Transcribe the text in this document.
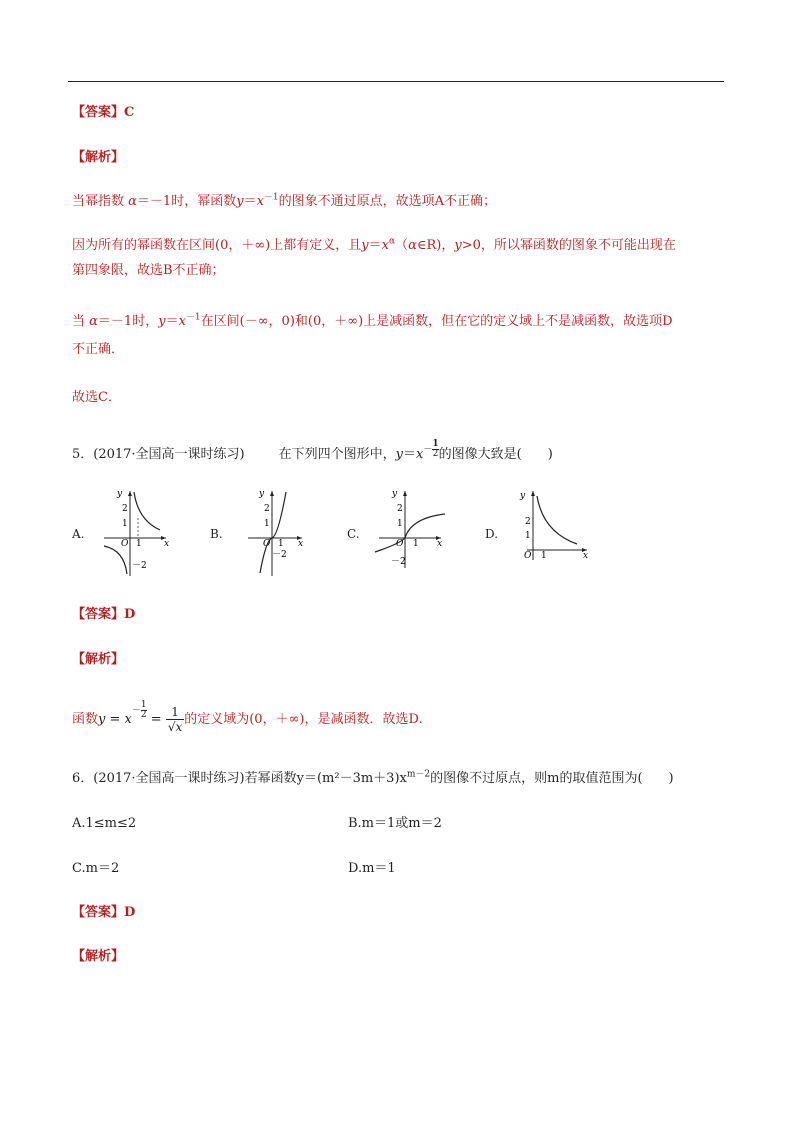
【答案】C
【解析】
当幂指数 α＝－1时，幂函数$y=x^{-1}$的图象不通过原点，故选项A不正确；
因为所有的幂函数在区间(0，＋∞)上都有定义，且$y=x^\alpha(\alpha\in R)$，y>0，所以幂函数的图象不可能出现在
第四象限，故选B不正确；
当 α＝－1时，$y=x^{-1}$在区间(－∞，0)和(0，＋∞)上是减函数，但在它的定义域上不是减函数，故选项D
不正确．
故选C．
5．(2017·全国高一课时练习)	在下列四个图形中，$y=x- \frac{1}{2}$ 的图像大致是(　　)
A.
y
2
1
O 1 x
－2
B.
y
2
1
O 1 x
－2
C.
y
2
1
O 1 x
－2
D.
y
2
1
O 1	x
【答案】D
【解析】
函数$y = x- \frac{1}{2} = \frac{1}{√x}$ 的定义域为(0，＋∞)，是减函数．故选D.
6．(2017·全国高一课时练习)若幂函数$y=(m^2-3m+3)x^{m-2}$的图像不过原点，则m的取值范围为(　　)
A.1≤m≤2	B.m＝1或m＝2
C.m＝2	D.m＝1
【答案】D
【解析】
